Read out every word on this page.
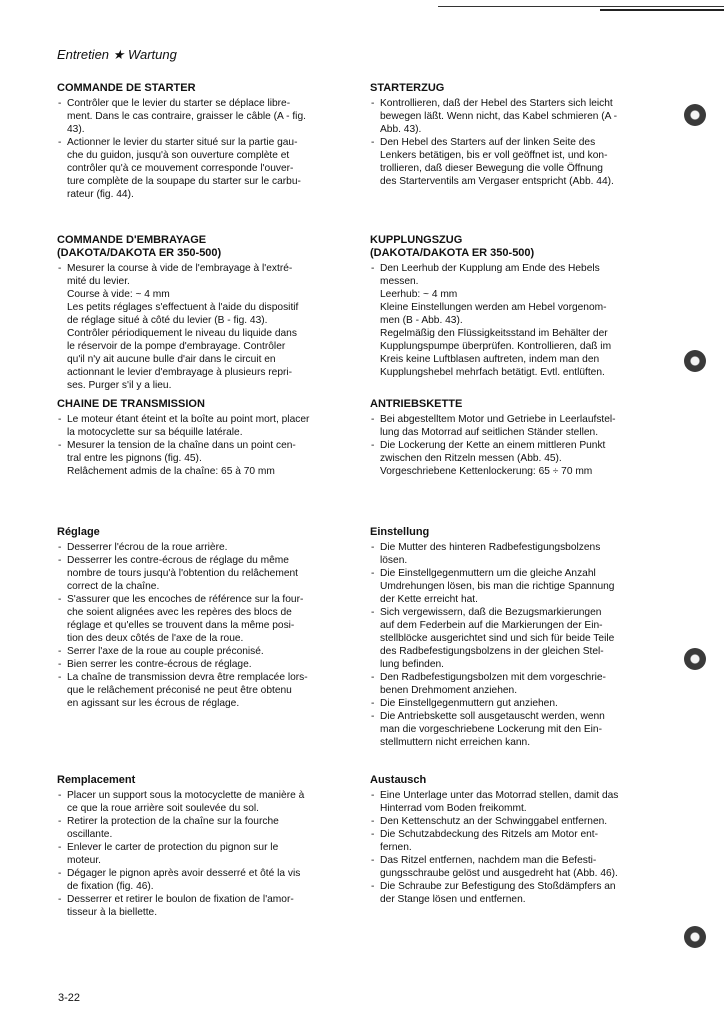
Entretien ★ Wartung
COMMANDE DE STARTER
- Contrôler que le levier du starter se déplace libre-
ment. Dans le cas contraire, graisser le câble (A - fig.
43).
- Actionner le levier du starter situé sur la partie gau-
che du guidon, jusqu'à son ouverture complète et
contrôler qu'à ce mouvement corresponde l'ouver-
ture complète de la soupape du starter sur le carbu-
rateur (fig. 44).
COMMANDE D'EMBRAYAGE
(DAKOTA/DAKOTA ER 350-500)
- Mesurer la course à vide de l'embrayage à l'extré-
mité du levier.
Course à vide: ~ 4 mm
Les petits réglages s'effectuent à l'aide du dispositif
de réglage situé à côté du levier (B - fig. 43).
Contrôler périodiquement le niveau du liquide dans
le réservoir de la pompe d'embrayage. Contrôler
qu'il n'y ait aucune bulle d'air dans le circuit en
actionnant le levier d'embrayage à plusieurs repri-
ses. Purger s'il y a lieu.
CHAINE DE TRANSMISSION
- Le moteur étant éteint et la boîte au point mort, placer
la motocyclette sur sa béquille latérale.
- Mesurer la tension de la chaîne dans un point cen-
tral entre les pignons (fig. 45).
Relâchement admis de la chaîne: 65 à 70 mm
Réglage
- Desserrer l'écrou de la roue arrière.
- Desserrer les contre-écrous de réglage du même
nombre de tours jusqu'à l'obtention du relâchement
correct de la chaîne.
- S'assurer que les encoches de référence sur la four-
che soient alignées avec les repères des blocs de
réglage et qu'elles se trouvent dans la même posi-
tion des deux côtés de l'axe de la roue.
- Serrer l'axe de la roue au couple préconisé.
- Bien serrer les contre-écrous de réglage.
- La chaîne de transmission devra être remplacée lors-
que le relâchement préconisé ne peut être obtenu
en agissant sur les écrous de réglage.
Remplacement
- Placer un support sous la motocyclette de manière à
ce que la roue arrière soit soulevée du sol.
- Retirer la protection de la chaîne sur la fourche
oscillante.
- Enlever le carter de protection du pignon sur le
moteur.
- Dégager le pignon après avoir desserré et ôté la vis
de fixation (fig. 46).
- Desserrer et retirer le boulon de fixation de l'amor-
tisseur à la biellette.
STARTERZUG
- Kontrollieren, daß der Hebel des Starters sich leicht
bewegen läßt. Wenn nicht, das Kabel schmieren (A -
Abb. 43).
- Den Hebel des Starters auf der linken Seite des
Lenkers betätigen, bis er voll geöffnet ist, und kon-
trollieren, daß dieser Bewegung die volle Öffnung
des Starterventils am Vergaser entspricht (Abb. 44).
KUPPLUNGSZUG
(DAKOTA/DAKOTA ER 350-500)
- Den Leerhub der Kupplung am Ende des Hebels
messen.
Leerhub: ~ 4 mm
Kleine Einstellungen werden am Hebel vorgenom-
men (B - Abb. 43).
Regelmäßig den Flüssigkeitsstand im Behälter der
Kupplungspumpe überprüfen. Kontrollieren, daß im
Kreis keine Luftblasen auftreten, indem man den
Kupplungshebel mehrfach betätigt. Evtl. entlüften.
ANTRIEBSKETTE
- Bei abgestelltem Motor und Getriebe in Leerlaufstel-
lung das Motorrad auf seitlichen Ständer stellen.
- Die Lockerung der Kette an einem mittleren Punkt
zwischen den Ritzeln messen (Abb. 45).
Vorgeschriebene Kettenlockerung: 65 ÷ 70 mm
Einstellung
- Die Mutter des hinteren Radbefestigungsbolzens
lösen.
- Die Einstellgegenmuttern um die gleiche Anzahl
Umdrehungen lösen, bis man die richtige Spannung
der Kette erreicht hat.
- Sich vergewissern, daß die Bezugsmarkierungen
auf dem Federbein auf die Markierungen der Ein-
stellblöcke ausgerichtet sind und sich für beide Teile
des Radbefestigungsbolzens in der gleichen Stel-
lung befinden.
- Den Radbefestigungsbolzen mit dem vorgeschrie-
benen Drehmoment anziehen.
- Die Einstellgegenmuttern gut anziehen.
- Die Antriebskette soll ausgetauscht werden, wenn
man die vorgeschriebene Lockerung mit den Ein-
stellmuttern nicht erreichen kann.
Austausch
- Eine Unterlage unter das Motorrad stellen, damit das
Hinterrad vom Boden freikommt.
- Den Kettenschutz an der Schwinggabel entfernen.
- Die Schutzabdeckung des Ritzels am Motor ent-
fernen.
- Das Ritzel entfernen, nachdem man die Befesti-
gungsschraube gelöst und ausgedreht hat (Abb. 46).
- Die Schraube zur Befestigung des Stoßdämpfers an
der Stange lösen und entfernen.
3-22
